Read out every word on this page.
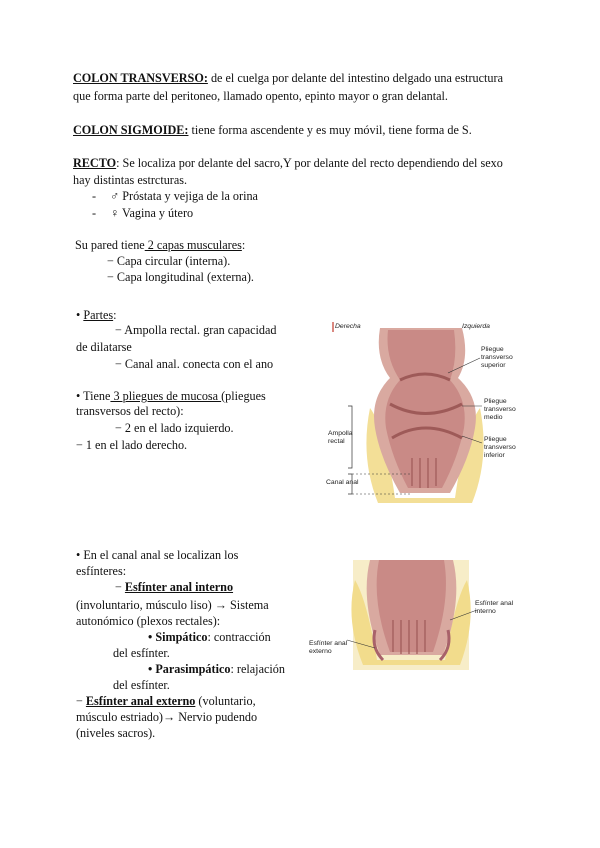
COLON TRANSVERSO: de el cuelga por delante del intestino delgado una estructura
que forma parte del peritoneo, llamado opento, epinto mayor o gran delantal.
COLON SIGMOIDE: tiene forma ascendente y es muy móvil, tiene forma de S.
RECTO: Se localiza por delante del sacro,Y por delante del recto dependiendo del sexo
hay distintas estrcturas.
- ♂ Próstata y vejiga de la orina
- ♀ Vagina y útero
Su pared tiene 2 capas musculares:
− Capa circular (interna).
− Capa longitudinal (externa).
• Partes:
− Ampolla rectal. gran capacidad
de dilatarse
− Canal anal. conecta con el ano
• Tiene 3 pliegues de mucosa (pliegues
transversos del recto):
− 2 en el lado izquierdo.
− 1 en el lado derecho.
Derecha	Izquierda
Pliegue
transverso
superior
Pliegue
transverso
medio
Pliegue
transverso
inferior
Ampolla
rectal
Canal anal
• En el canal anal se localizan los
esfínteres:
− Esfínter anal interno
(involuntario, músculo liso) → Sistema
autonómico (plexos rectales):
• Simpático: contracción
del esfínter.
• Parasimpático: relajación
del esfínter.
− Esfínter anal externo (voluntario,
músculo estriado)→ Nervio pudendo
(niveles sacros).
Esfínter anal
interno
Esfínter anal
externo
